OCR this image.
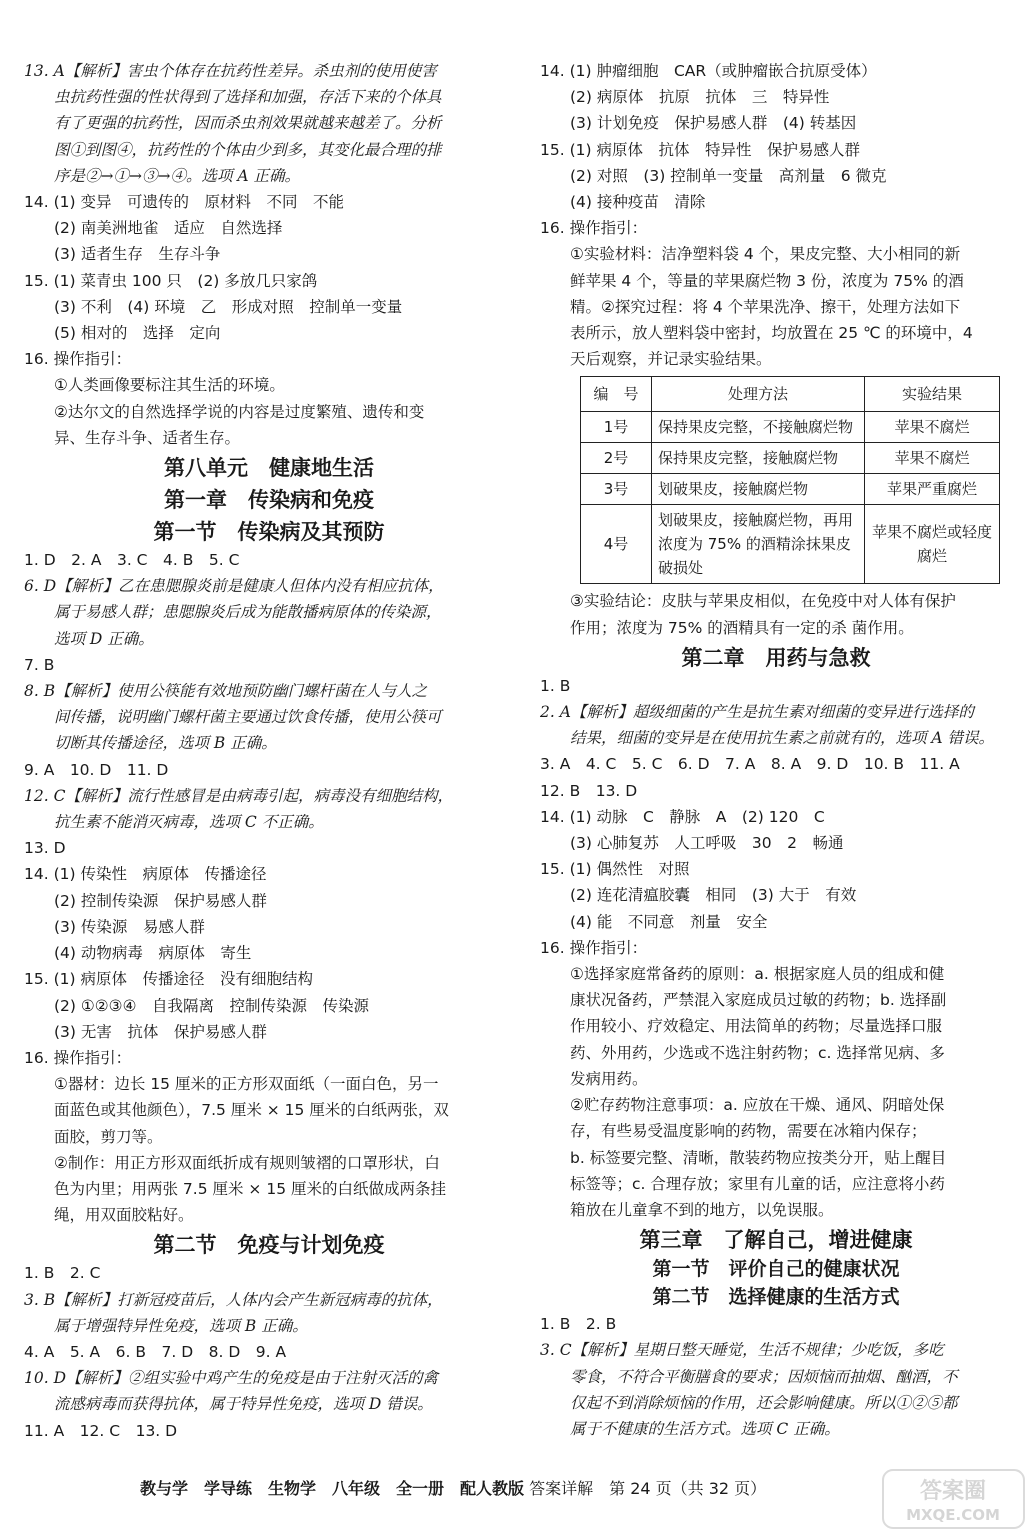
13. A【解析】害虫个体存在抗药性差异。杀虫剂的使用使害
虫抗药性强的性状得到了选择和加强，存活下来的个体具
有了更强的抗药性，因而杀虫剂效果就越来越差了。分析
图①到图④，抗药性的个体由少到多，其变化最合理的排
序是②→①→③→④。选项 A 正确。
14. (1) 变异　可遗传的　原材料　不同　不能
(2) 南美洲地雀　适应　自然选择
(3) 适者生存　生存斗争
15. (1) 菜青虫 100 只　(2) 多放几只家鸽
(3) 不利　(4) 环境　乙　形成对照　控制单一变量
(5) 相对的　选择　定向
16. 操作指引：
①人类画像要标注其生活的环境。
②达尔文的自然选择学说的内容是过度繁殖、遗传和变
异、生存斗争、适者生存。
第八单元　健康地生活
第一章　传染病和免疫
第一节　传染病及其预防
1. D　2. A　3. C　4. B　5. C
6. D【解析】乙在患腮腺炎前是健康人但体内没有相应抗体，
属于易感人群；患腮腺炎后成为能散播病原体的传染源，
选项 D 正确。
7. B
8. B【解析】使用公筷能有效地预防幽门螺杆菌在人与人之
间传播，说明幽门螺杆菌主要通过饮食传播，使用公筷可
切断其传播途径，选项 B 正确。
9. A　10. D　11. D
12. C【解析】流行性感冒是由病毒引起，病毒没有细胞结构，
抗生素不能消灭病毒，选项 C 不正确。
13. D
14. (1) 传染性　病原体　传播途径
(2) 控制传染源　保护易感人群
(3) 传染源　易感人群
(4) 动物病毒　病原体　寄生
15. (1) 病原体　传播途径　没有细胞结构
(2) ①②③④　自我隔离　控制传染源　传染源
(3) 无害　抗体　保护易感人群
16. 操作指引：
①器材：边长 15 厘米的正方形双面纸（一面白色，另一
面蓝色或其他颜色），7.5 厘米 × 15 厘米的白纸两张，双
面胶，剪刀等。
②制作：用正方形双面纸折成有规则皱褶的口罩形状，白
色为内里；用两张 7.5 厘米 × 15 厘米的白纸做成两条挂
绳，用双面胶粘好。
第二节　免疫与计划免疫
1. B　2. C
3. B【解析】打新冠疫苗后，人体内会产生新冠病毒的抗体，
属于增强特异性免疫，选项 B 正确。
4. A　5. A　6. B　7. D　8. D　9. A
10. D【解析】②组实验中鸡产生的免疫是由于注射灭活的禽
流感病毒而获得抗体，属于特异性免疫，选项 D 错误。
11. A　12. C　13. D
14. (1) 肿瘤细胞　CAR（或肿瘤嵌合抗原受体）
(2) 病原体　抗原　抗体　三　特异性
(3) 计划免疫　保护易感人群　(4) 转基因
15. (1) 病原体　抗体　特异性　保护易感人群
(2) 对照　(3) 控制单一变量　高剂量　6 微克
(4) 接种疫苗　清除
16. 操作指引：
①实验材料：洁净塑料袋 4 个，果皮完整、大小相同的新
鲜苹果 4 个，等量的苹果腐烂物 3 份，浓度为 75% 的酒
精。②探究过程：将 4 个苹果洗净、擦干，处理方法如下
表所示，放人塑料袋中密封，均放置在 25 ℃ 的环境中，4
天后观察，并记录实验结果。
编　号	处理方法	实验结果
1号	保持果皮完整，不接触腐烂物	苹果不腐烂
2号	保持果皮完整，接触腐烂物	苹果不腐烂
3号	划破果皮，接触腐烂物	苹果严重腐烂
4号	划破果皮，接触腐烂物，再用浓度为 75% 的酒精涂抹果皮破损处	苹果不腐烂或轻度腐烂
③实验结论：皮肤与苹果皮相似，在免疫中对人体有保护
作用；浓度为 75% 的酒精具有一定的杀 菌作用。
第二章　用药与急救
1. B
2. A【解析】超级细菌的产生是抗生素对细菌的变异进行选择的
结果，细菌的变异是在使用抗生素之前就有的，选项 A 错误。
3. A　4. C　5. C　6. D　7. A　8. A　9. D　10. B　11. A
12. B　13. D
14. (1) 动脉　C　静脉　A　(2) 120　C
(3) 心肺复苏　人工呼吸　30　2　畅通
15. (1) 偶然性　对照
(2) 连花清瘟胶囊　相同　(3) 大于　有效
(4) 能　不同意　剂量　安全
16. 操作指引：
①选择家庭常备药的原则：a. 根据家庭人员的组成和健
康状况备药，严禁混入家庭成员过敏的药物；b. 选择副
作用较小、疗效稳定、用法简单的药物；尽量选择口服
药、外用药，少选或不选注射药物；c. 选择常见病、多
发病用药。
②贮存药物注意事项：a. 应放在干燥、通风、阴暗处保
存，有些易受温度影响的药物，需要在冰箱内保存；
b. 标签要完整、清晰，散装药物应按类分开，贴上醒目
标签等；c. 合理存放；家里有儿童的话，应注意将小药
箱放在儿童拿不到的地方，以免误服。
第三章　了解自己，增进健康
第一节　评价自己的健康状况
第二节　选择健康的生活方式
1. B　2. B
3. C【解析】星期日整天睡觉，生活不规律；少吃饭，多吃
零食，不符合平衡膳食的要求；因烦恼而抽烟、酗酒，不
仅起不到消除烦恼的作用，还会影响健康。所以①②⑤都
属于不健康的生活方式。选项 C 正确。
教与学　学导练　生物学　八年级　全一册　配人教版 答案详解　第 24 页（共 32 页）	答案圈
MXQE.COM
